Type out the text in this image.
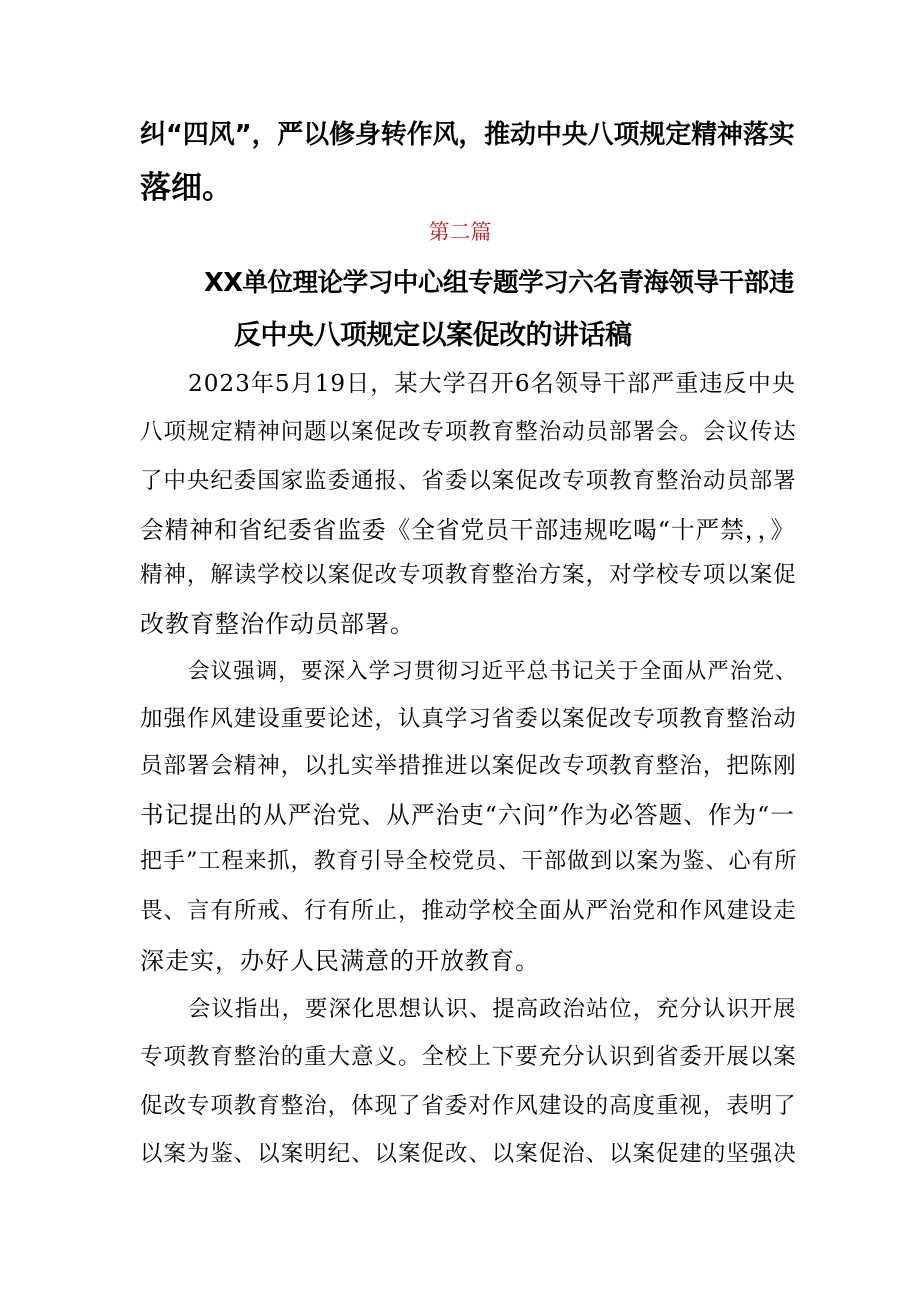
纠“四风”，严以修身转作风，推动中央八项规定精神落实
落细。
第二篇
XX单位理论学习中心组专题学习六名青海领导干部违
反中央八项规定以案促改的讲话稿
2023年5月19日，某大学召开6名领导干部严重违反中央
八项规定精神问题以案促改专项教育整治动员部署会。会议传达
了中央纪委国家监委通报、省委以案促改专项教育整治动员部署
会精神和省纪委省监委《全省党员干部违规吃喝“十严禁，，》
精神，解读学校以案促改专项教育整治方案，对学校专项以案促
改教育整治作动员部署。
会议强调，要深入学习贯彻习近平总书记关于全面从严治党、
加强作风建设重要论述，认真学习省委以案促改专项教育整治动
员部署会精神，以扎实举措推进以案促改专项教育整治，把陈刚
书记提出的从严治党、从严治吏“六问”作为必答题、作为“一
把手”工程来抓，教育引导全校党员、干部做到以案为鉴、心有所
畏、言有所戒、行有所止，推动学校全面从严治党和作风建设走
深走实，办好人民满意的开放教育。
会议指出，要深化思想认识、提高政治站位，充分认识开展
专项教育整治的重大意义。全校上下要充分认识到省委开展以案
促改专项教育整治，体现了省委对作风建设的高度重视，表明了
以案为鉴、以案明纪、以案促改、以案促治、以案促建的坚强决
